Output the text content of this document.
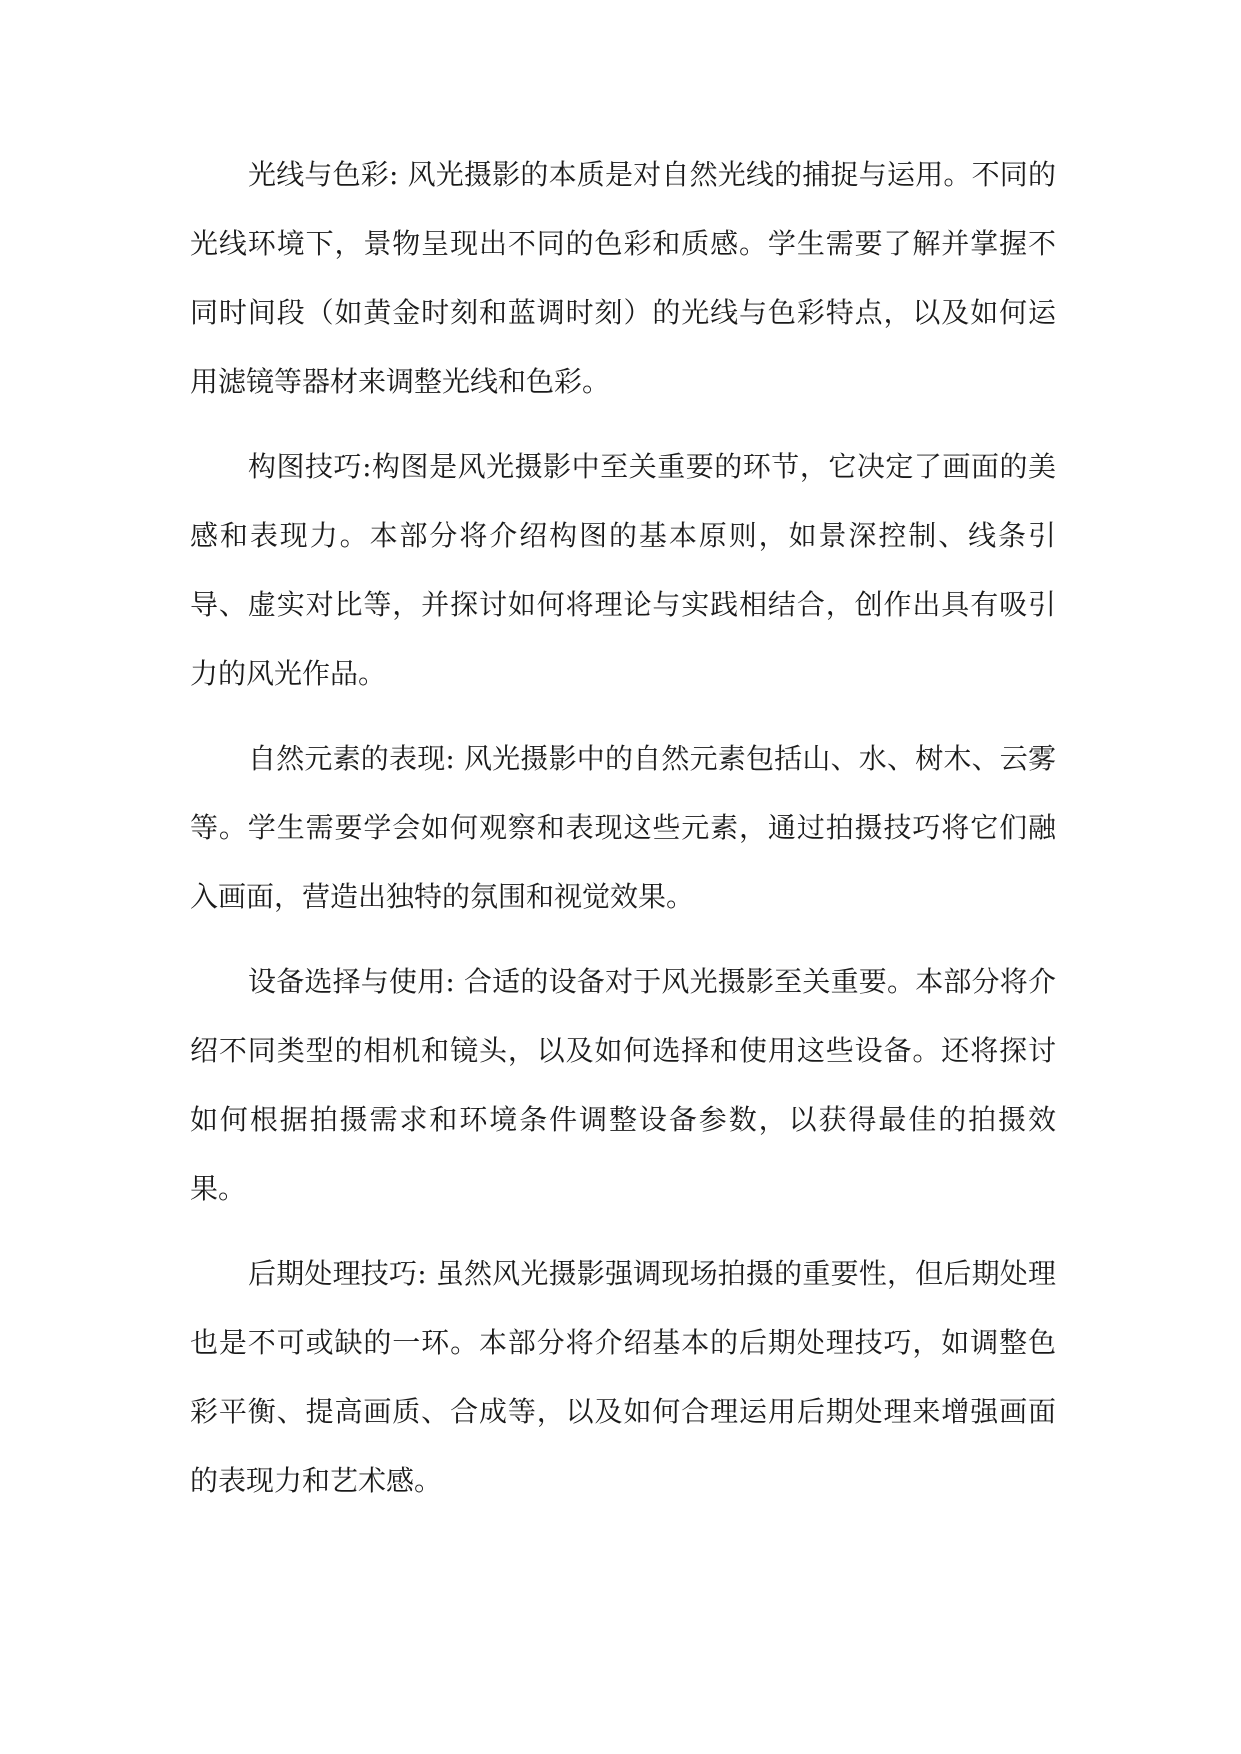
光线与色彩: 风光摄影的本质是对自然光线的捕捉与运用。不同的光线环境下，景物呈现出不同的色彩和质感。学生需要了解并掌握不同时间段（如黄金时刻和蓝调时刻）的光线与色彩特点，以及如何运用滤镜等器材来调整光线和色彩。

构图技巧:构图是风光摄影中至关重要的环节，它决定了画面的美感和表现力。本部分将介绍构图的基本原则，如景深控制、线条引导、虚实对比等，并探讨如何将理论与实践相结合，创作出具有吸引力的风光作品。

自然元素的表现: 风光摄影中的自然元素包括山、水、树木、云雾等。学生需要学会如何观察和表现这些元素，通过拍摄技巧将它们融入画面，营造出独特的氛围和视觉效果。

设备选择与使用: 合适的设备对于风光摄影至关重要。本部分将介绍不同类型的相机和镜头，以及如何选择和使用这些设备。还将探讨如何根据拍摄需求和环境条件调整设备参数，以获得最佳的拍摄效果。

后期处理技巧: 虽然风光摄影强调现场拍摄的重要性，但后期处理也是不可或缺的一环。本部分将介绍基本的后期处理技巧，如调整色彩平衡、提高画质、合成等，以及如何合理运用后期处理来增强画面的表现力和艺术感。
